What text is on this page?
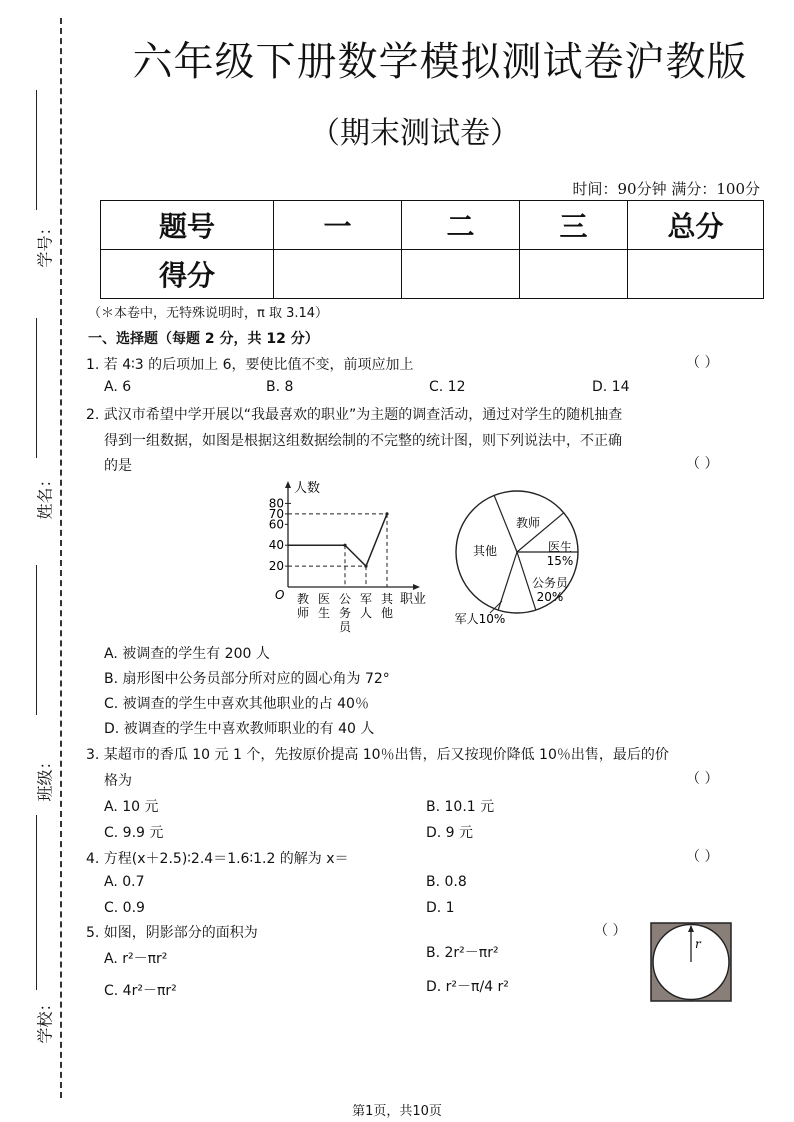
学号：
姓名：
班级：
学校：
六年级下册数学模拟测试卷沪教版
（期末测试卷）
时间：90分钟 满分：100分
题号	一	二	三	总分
得分				
（＊本卷中，无特殊说明时，π 取 3.14）
一、选择题（每题 2 分，共 12 分）
1. 若 4∶3 的后项加上 6，要使比值不变，前项应加上	（ ）
A. 6	B. 8	C. 12	D. 14
2. 武汉市希望中学开展以“我最喜欢的职业”为主题的调查活动，通过对学生的随机抽查
得到一组数据，如图是根据这组数据绘制的不完整的统计图，则下列说法中，不正确
的是	（ ）
A. 被调查的学生有 200 人
B. 扇形图中公务员部分所对应的圆心角为 72°
C. 被调查的学生中喜欢其他职业的占 40％
D. 被调查的学生中喜欢教师职业的有 40 人
3. 某超市的香瓜 10 元 1 个，先按原价提高 10％出售，后又按现价降低 10％出售，最后的价
格为	（ ）
A. 10 元	B. 10.1 元
C. 9.9 元	D. 9 元
4. 方程(x＋2.5)∶2.4＝1.6∶1.2 的解为 x＝	（ ）
A. 0.7	B. 0.8
C. 0.9	D. 1
5. 如图，阴影部分的面积为	（ ）
A. r²－πr²	B. 2r²－πr²
C. 4r²－πr²	D. r²－π/4 r²
人数
职业
O
20
40
60
70
80
教
师
医
生
公
务
员
军
人
其
他
教师
医生
15%
公务员
20%
军人10%
其他
r
第1页，共10页
